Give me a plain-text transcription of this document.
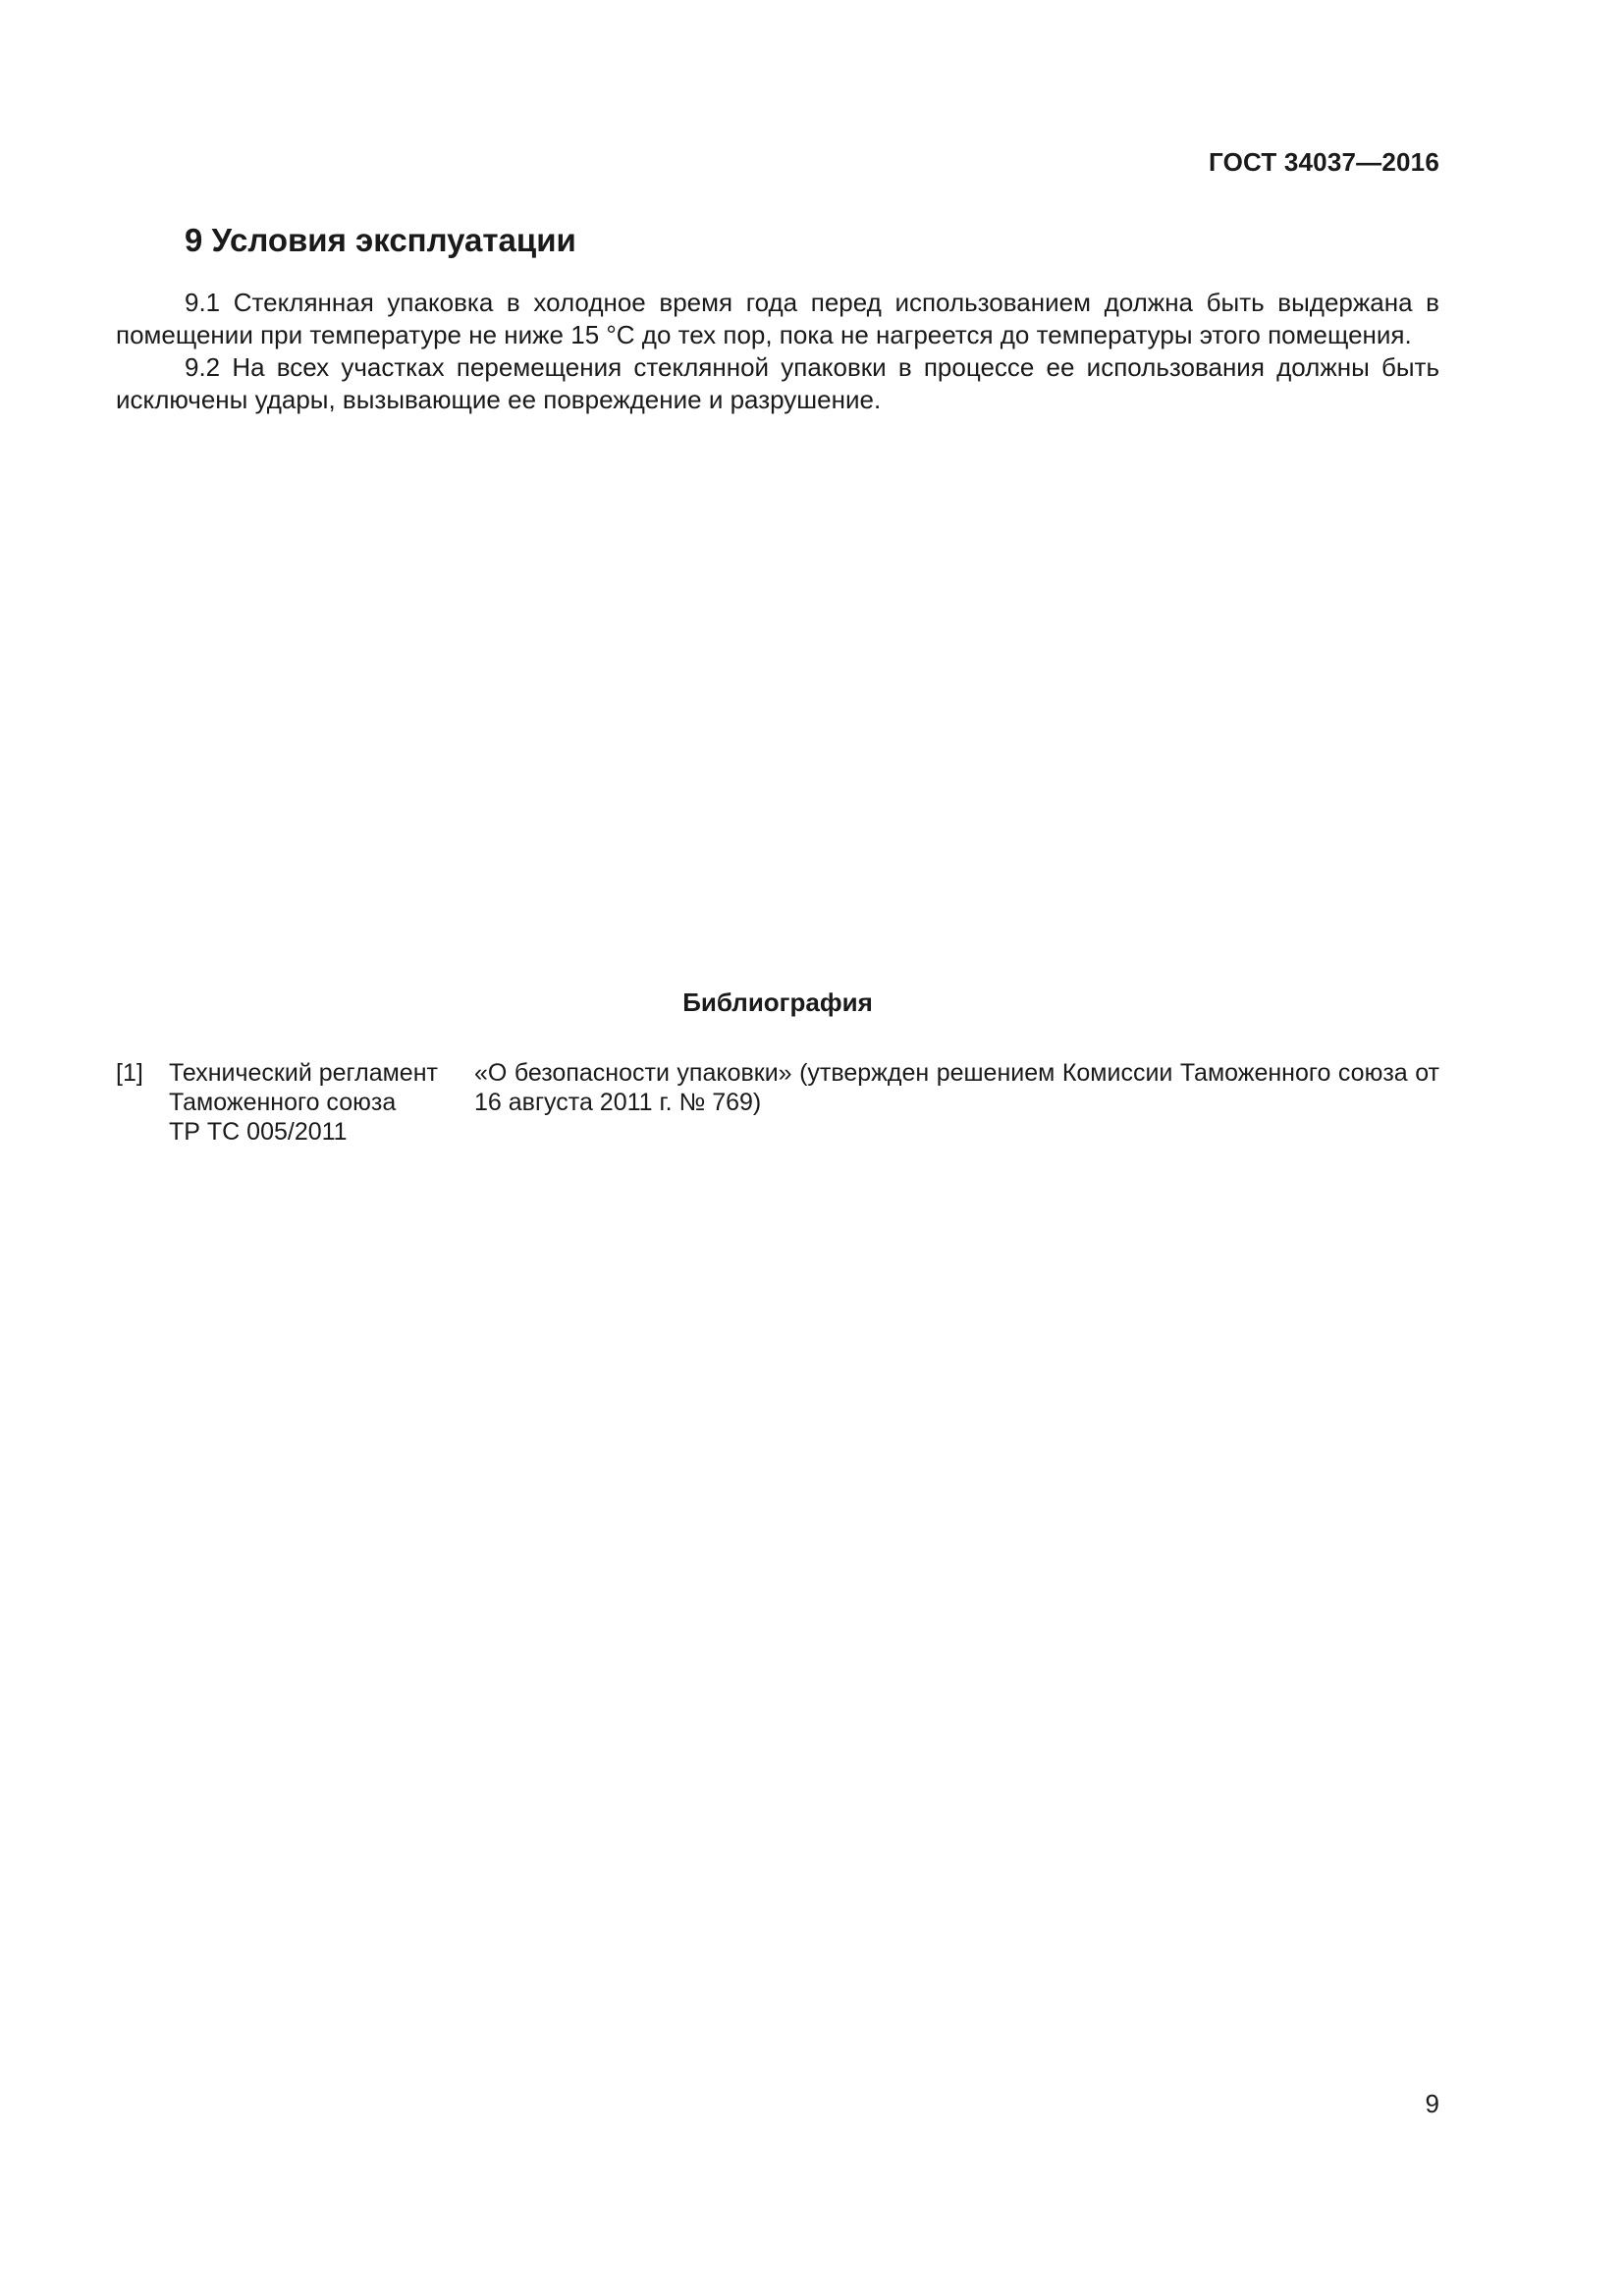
ГОСТ 34037—2016
9 Условия эксплуатации

9.1 Стеклянная упаковка в холодное время года перед использованием должна быть выдержана в помещении при температуре не ниже 15 °С до тех пор, пока не нагреется до температуры этого помещения.

9.2 На всех участках перемещения стеклянной упаковки в процессе ее использования должны быть исключены удары, вызывающие ее повреждение и разрушение.

Библиография
[1] Технический регламент
Таможенного союза
ТР ТС 005/2011
«О безопасности упаковки» (утвержден решением Комиссии Таможенного союза от 16 августа 2011 г. № 769)
9
